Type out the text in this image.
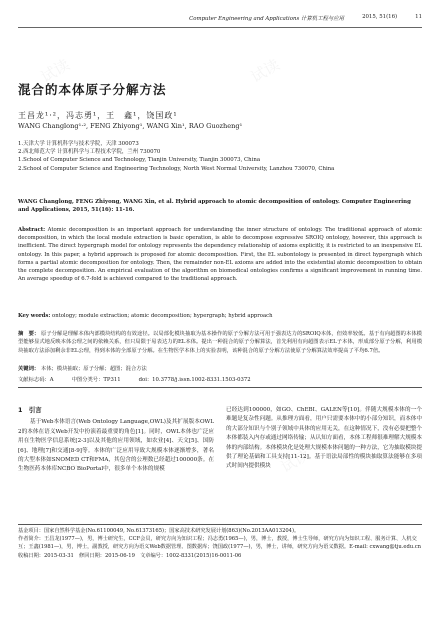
试读	试读
试读	试读
试读	试读
Computer Engineering and Applications 计算机工程与应用	2015, 51(16)	11
混合的本体原子分解方法
王昌龙¹·²，冯志勇¹，王　鑫¹，饶国政¹
WANG Changlong¹·², FENG Zhiyong¹, WANG Xin¹, RAO Guozheng¹
1.天津大学 计算机科学与技术学院，天津 300073
2.西北师范大学 计算机科学与工程技术学院，兰州 730070
1.School of Computer Science and Technology, Tianjin University, Tianjin 300073, China
2.School of Computer Science and Engineering Technology, North West Normal University, Lanzhou 730070, China
WANG Changlong, FENG Zhiyong, WANG Xin, et al. Hybrid approach to atomic decomposition of ontology. Computer Engineering and Applications, 2015, 51(16): 11-16.
Abstract: Atomic decomposition is an important approach for understanding the inner structure of ontology. The traditional approach of atomic decomposition, in which the local module extraction is basic operation, is able to decompose expressive SROIQ ontology, however, this approach is inefficient. The direct hypergraph model for ontology represents the dependency relationship of axioms explicitly, it is restricted to an inexpensive EL ontology. In this paper, a hybrid approach is proposed for atomic decomposition. First, the EL subontology is presented in direct hypergraph which forms a partial atomic decomposition for ontology. Then, the remainder non-EL axioms are added into the existential atomic decomposition to obtain the complete decomposition. An empirical evaluation of the algorithm on biomedical ontologies confirms a significant improvement in running time. An average speedup of 6.7-fold is achieved compared to the traditional approach.
Key words: ontology; module extraction; atomic decomposition; hypergraph; hybrid approach
摘　要： 原子分解是理解本体内部模块结构的有效途径。以局部化模块抽取为基本操作的原子分解方法可用于强表达力的SROIQ本体，但效率较低。基于有向超图的本体模型能够显式地反映本体公理之间的依赖关系，但只局限于易表达力的EL本体。提出一种混合的原子分解算法，首先利用有向超图表示EL子本体，形成部分原子分解，利用模块抽取方法添加剩余非EL公理，得到本体的全部原子分解。在生物医学本体上的实验表明，该种混合的原子分解方法使原子分解算法效率提高了平均6.7倍。
关键词： 本体；模块抽取；原子分解；超图；混合方法
文献标志码：A	中图分类号：TP311	doi：10.3778/j.issn.1002-8331.1503-0372
1　引言
基于Web本体语言(Web Ontology Language,OWL)及其扩展版本OWL 2的本体在语义Web开发中扮演着最重要的角色[1]。同时，OWL本体也广泛应用在生物医学信息系统[2-3]以及其他的应用领域，如农业[4]、天文[5]、国防[6]、地理[7]和交通[8-9]等。本体的广泛应用导致大规模本体逐渐增多，著名的大型本体如SNOMED CT和FMA，其包含的公理数已经超过100000条。在生物医药本体库NCBO BioPortal中，很多单个本体的规模
已经达到100000，如GO、ChEBI、GALEN等[10]。伴随大规模本体的一个难题是复杂性问题。从推理方面看，用户只需要本体中的小部分知识，而本体中的大部分知识与个别子领域中具体的应用无关，在这种情况下，没有必要把整个本体都装入内存或通过网络传输；从认知方面看，本体工程师很难理解大规模本体的内部结构。本体模块化是处理大规模本体问题的一种方法，它为抽取模块提供了理论基础和工具支持[11-12]。基于语法局部性的模块抽取算法能够在多项式时间内提供模块
基金项目：国家自然科学基金(No.61100049, No.61373165)；国家高技术研究发展计划(863)(No.2013AA013204)。
作者简介：王昌龙(1977—)，男，博士研究生，CCF会员，研究方向为知识工程；冯志勇(1965—)，男，博士，教授，博士生导师，研究方向为知识工程、服务计算、人机交互；王鑫(1981—)，男，博士，副教授，研究方向为语义Web数据管理、图数据库；饶国政(1977—)，男，博士，讲师，研究方向为语义数据。E-mail: cxwang@tju.edu.cn
收稿日期：2015-03-31　修回日期：2015-06-19　文章编号：1002-8331(2015)16-0011-06
